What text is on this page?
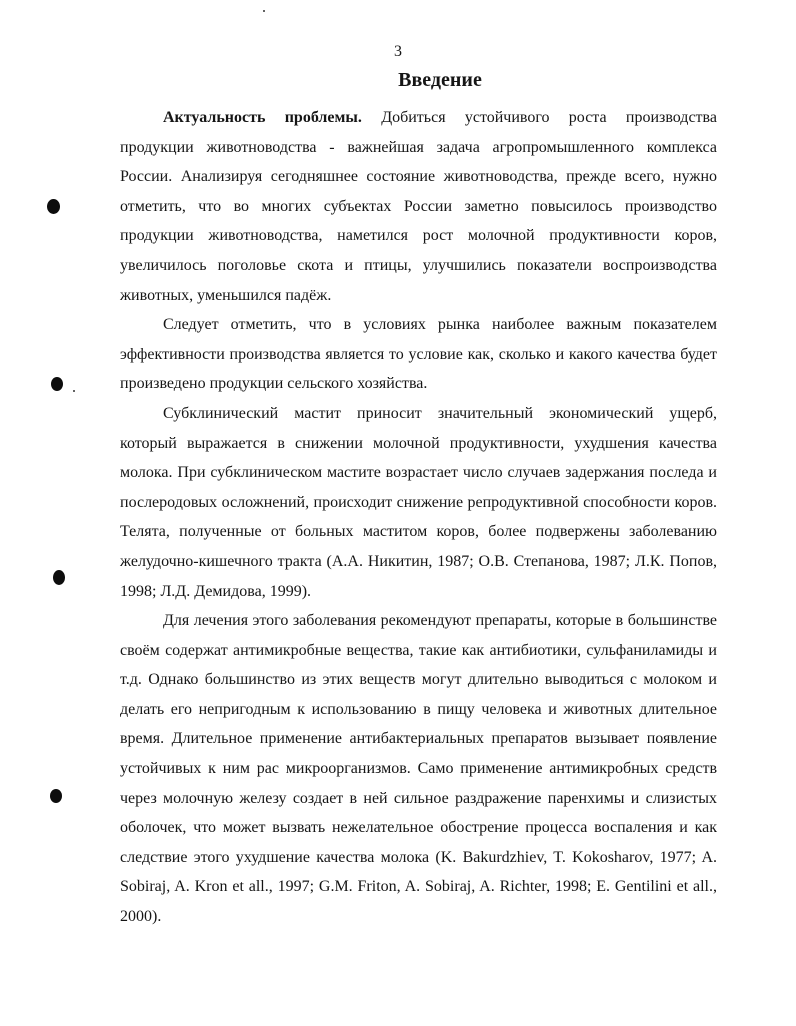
3
Введение

Актуальность проблемы. Добиться устойчивого роста производства продукции животноводства - важнейшая задача агропромышленного комплекса России. Анализируя сегодняшнее состояние животноводства, прежде всего, нужно отметить, что во многих субъектах России заметно повысилось производство продукции животноводства, наметился рост молочной продуктивности коров, увеличилось поголовье скота и птицы, улучшились показатели воспроизводства животных, уменьшился падёж.

Следует отметить, что в условиях рынка наиболее важным показателем эффективности производства является то условие как, сколько и какого качества будет произведено продукции сельского хозяйства.

Субклинический мастит приносит значительный экономический ущерб, который выражается в снижении молочной продуктивности, ухудшения качества молока. При субклиническом мастите возрастает число случаев задержания последа и послеродовых осложнений, происходит снижение репродуктивной способности коров. Телята, полученные от больных маститом коров, более подвержены заболеванию желудочно-кишечного тракта (А.А. Никитин, 1987; О.В. Степанова, 1987; Л.К. Попов, 1998; Л.Д. Демидова, 1999).

Для лечения этого заболевания рекомендуют препараты, которые в большинстве своём содержат антимикробные вещества, такие как антибиотики, сульфаниламиды и т.д. Однако большинство из этих веществ могут длительно выводиться с молоком и делать его непригодным к использованию в пищу человека и животных длительное время. Длительное применение антибактериальных препаратов вызывает появление устойчивых к ним рас микроорганизмов. Само применение антимикробных средств через молочную железу создает в ней сильное раздражение паренхимы и слизистых оболочек, что может вызвать нежелательное обострение процесса воспаления и как следствие этого ухудшение качества молока (K. Bakurdzhiev, T. Kokosharov, 1977; A. Sobiraj, A. Kron et all., 1997; G.M. Friton, A. Sobiraj, A. Richter, 1998; E. Gentilini et all., 2000).
